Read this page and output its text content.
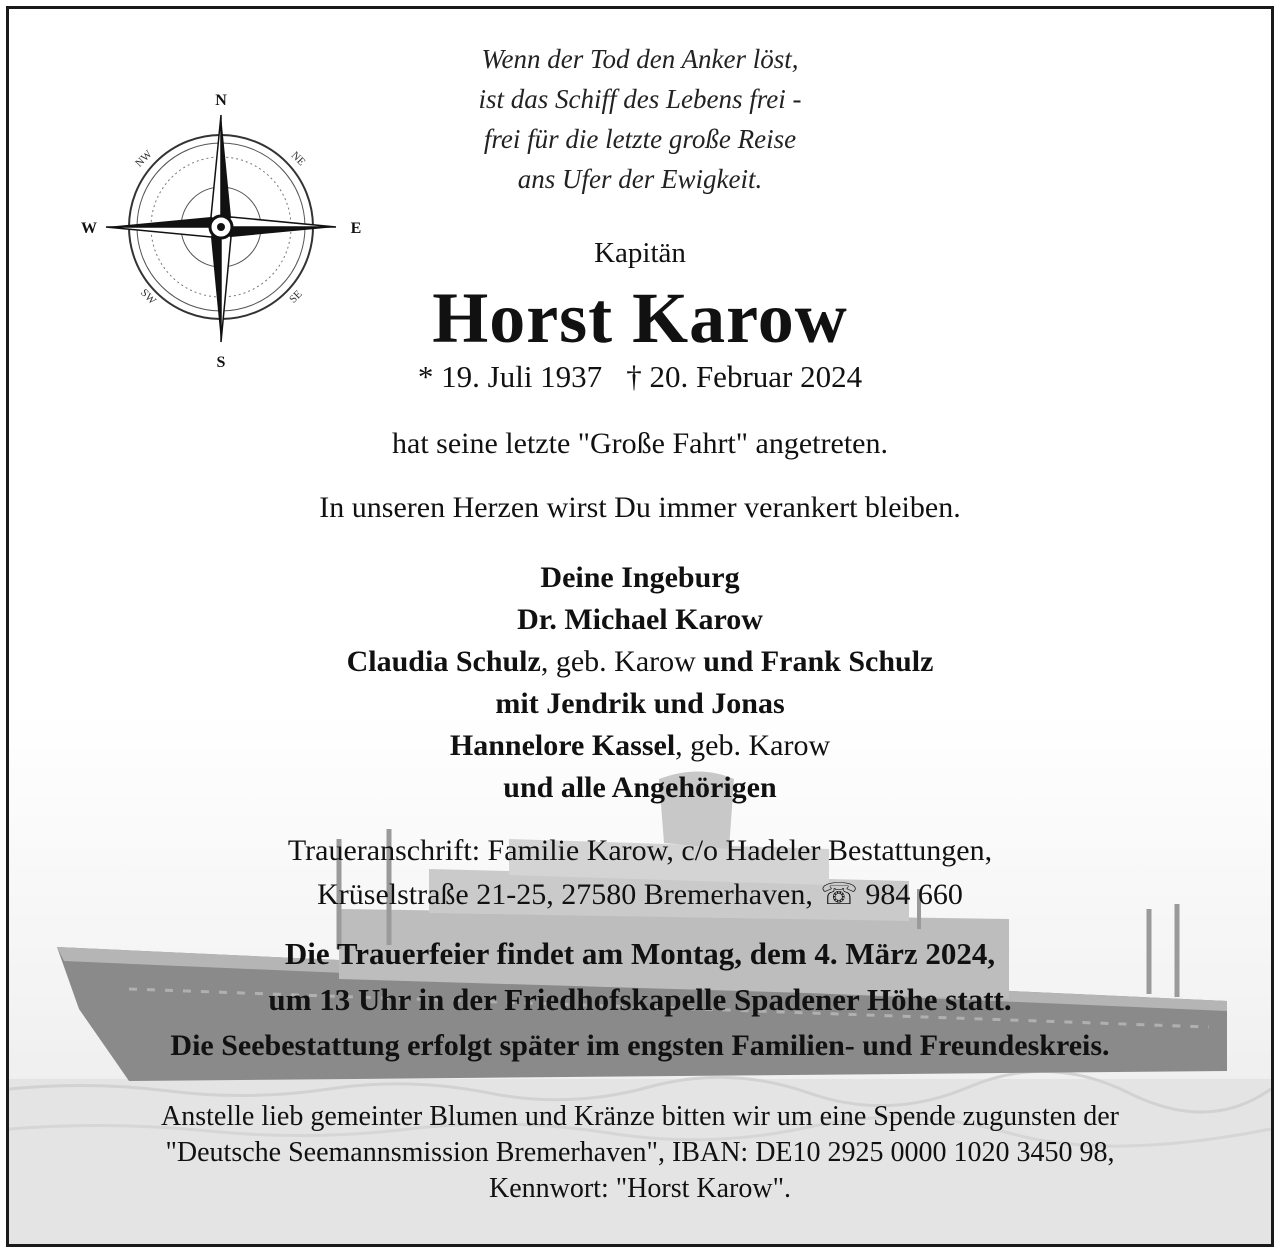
N
S
E
W
NE
NW
SE
SW
Wenn der Tod den Anker löst,
ist das Schiff des Lebens frei -
frei für die letzte große Reise
ans Ufer der Ewigkeit.
Kapitän
Horst Karow
* 19. Juli 1937 † 20. Februar 2024
hat seine letzte "Große Fahrt" angetreten.
In unseren Herzen wirst Du immer verankert bleiben.
Deine Ingeburg
Dr. Michael Karow
Claudia Schulz, geb. Karow und Frank Schulz
mit Jendrik und Jonas
Hannelore Kassel, geb. Karow
und alle Angehörigen
Traueranschrift: Familie Karow, c/o Hadeler Bestattungen,
Krüselstraße 21-25, 27580 Bremerhaven, ☏ 984 660
Die Trauerfeier findet am Montag, dem 4. März 2024,
um 13 Uhr in der Friedhofskapelle Spadener Höhe statt.
Die Seebestattung erfolgt später im engsten Familien- und Freundeskreis.
Anstelle lieb gemeinter Blumen und Kränze bitten wir um eine Spende zugunsten der
"Deutsche Seemannsmission Bremerhaven", IBAN: DE10 2925 0000 1020 3450 98,
Kennwort: "Horst Karow".
